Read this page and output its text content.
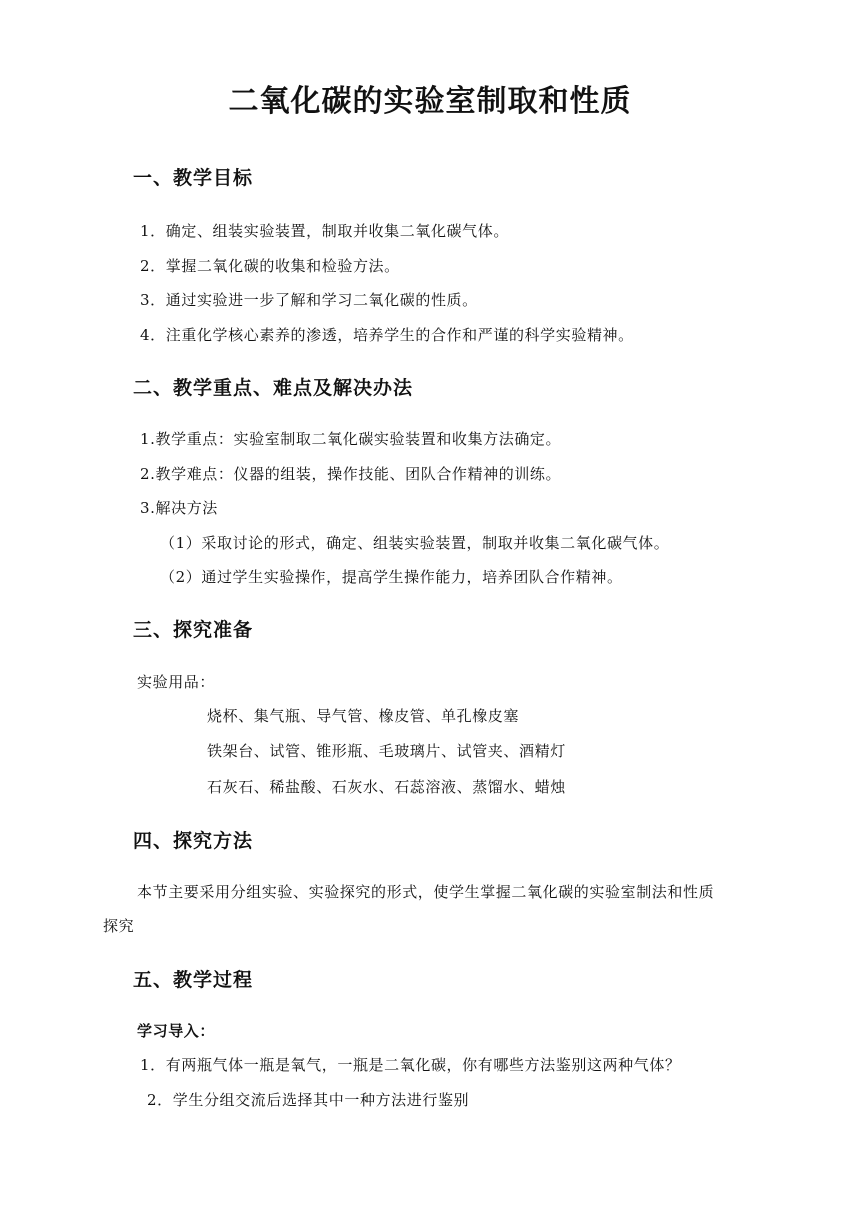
二氧化碳的实验室制取和性质
一、教学目标

1．确定、组装实验装置，制取并收集二氧化碳气体。

2．掌握二氧化碳的收集和检验方法。

3．通过实验进一步了解和学习二氧化碳的性质。

4．注重化学核心素养的渗透，培养学生的合作和严谨的科学实验精神。

二、教学重点、难点及解决办法

1.教学重点：实验室制取二氧化碳实验装置和收集方法确定。

2.教学难点：仪器的组装，操作技能、团队合作精神的训练。

3.解决方法

（1）采取讨论的形式，确定、组装实验装置，制取并收集二氧化碳气体。

（2）通过学生实验操作，提高学生操作能力，培养团队合作精神。

三、探究准备

实验用品：

烧杯、集气瓶、导气管、橡皮管、单孔橡皮塞

铁架台、试管、锥形瓶、毛玻璃片、试管夹、酒精灯

石灰石、稀盐酸、石灰水、石蕊溶液、蒸馏水、蜡烛

四、探究方法

本节主要采用分组实验、实验探究的形式，使学生掌握二氧化碳的实验室制法和性质

探究

五、教学过程

学习导入：

1．有两瓶气体一瓶是氧气，一瓶是二氧化碳，你有哪些方法鉴别这两种气体？

2．学生分组交流后选择其中一种方法进行鉴别
